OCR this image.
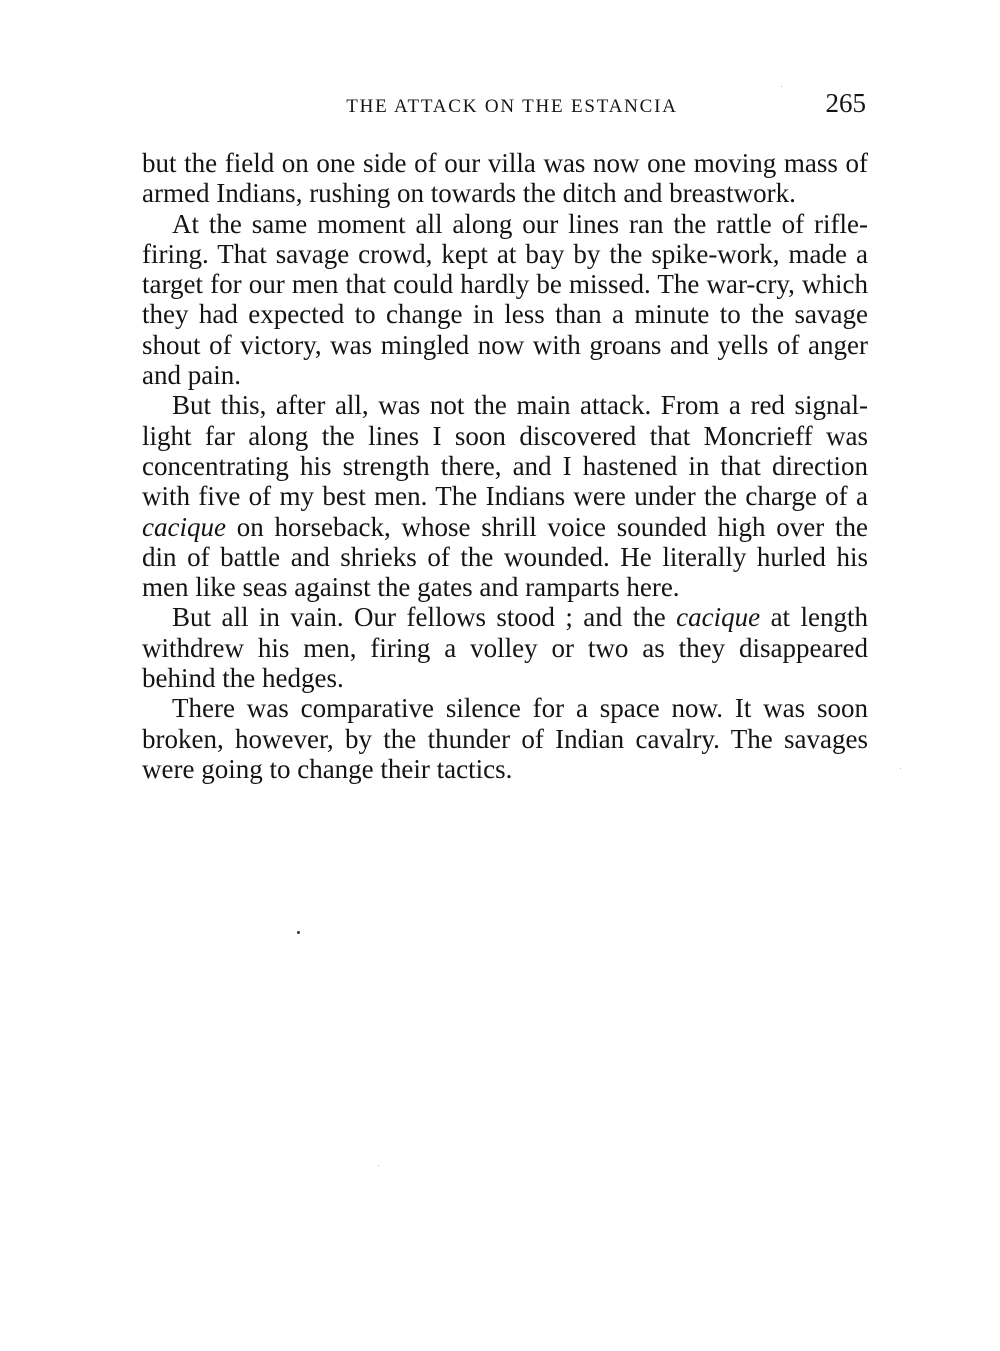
THE ATTACK ON THE ESTANCIA	265

but the field on one side of our villa was now one moving mass of armed Indians, rushing on towards the ditch and breastwork.

At the same moment all along our lines ran the rattle of rifle-firing. That savage crowd, kept at bay by the spike-work, made a target for our men that could hardly be missed. The war-cry, which they had expected to change in less than a minute to the savage shout of victory, was mingled now with groans and yells of anger and pain.

But this, after all, was not the main attack. From a red signal-light far along the lines I soon discovered that Moncrieff was concentrating his strength there, and I hastened in that direction with five of my best men. The Indians were under the charge of a cacique on horseback, whose shrill voice sounded high over the din of battle and shrieks of the wounded. He literally hurled his men like seas against the gates and ramparts here.

But all in vain. Our fellows stood ; and the cacique at length withdrew his men, firing a volley or two as they disappeared behind the hedges.

There was comparative silence for a space now. It was soon broken, however, by the thunder of Indian cavalry. The savages were going to change their tactics.
